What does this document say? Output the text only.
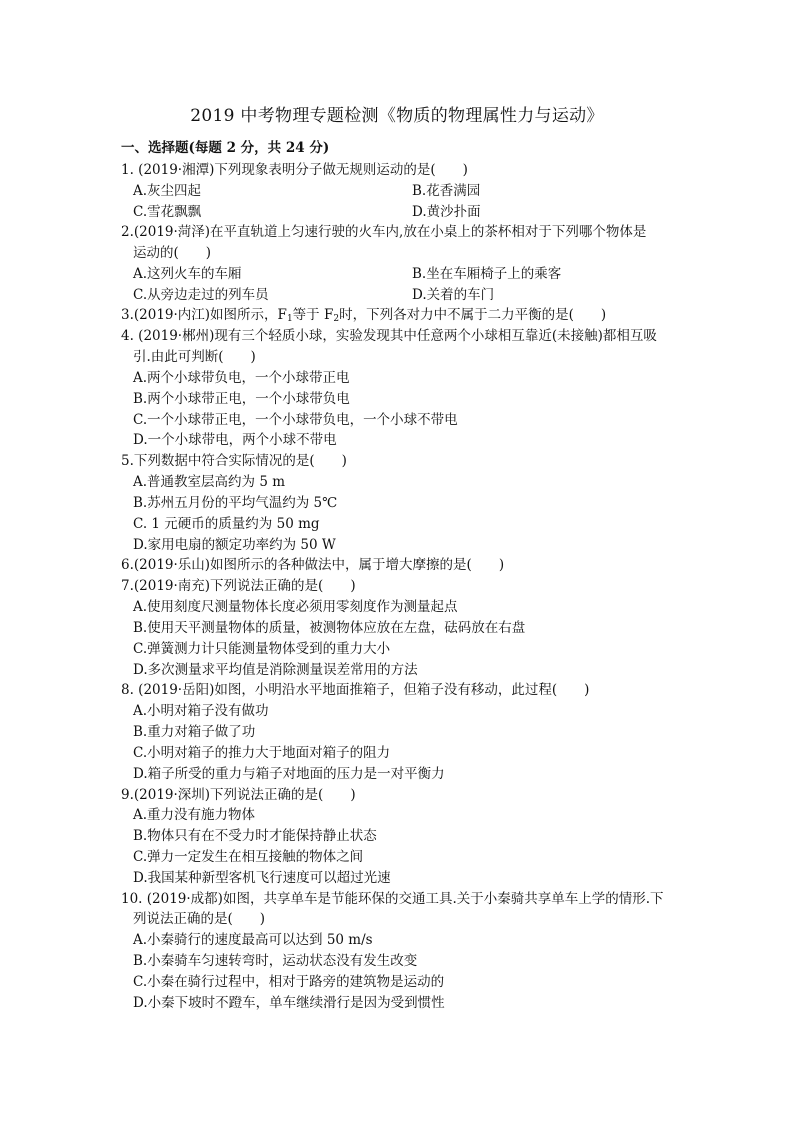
2019 中考物理专题检测《物质的物理属性力与运动》
一、选择题(每题 2 分，共 24 分)
1. (2019·湘潭)下列现象表明分子做无规则运动的是(　　)
A.灰尘四起	B.花香满园
C.雪花飘飘	D.黄沙扑面
2.(2019·菏泽)在平直轨道上匀速行驶的火车内,放在小桌上的茶杯相对于下列哪个物体是
运动的(　　)
A.这列火车的车厢	B.坐在车厢椅子上的乘客
C.从旁边走过的列车员	D.关着的车门
3.(2019·内江)如图所示，$F_1$等于 $F_2$时，下列各对力中不属于二力平衡的是(　　)
4. (2019·郴州)现有三个轻质小球，实验发现其中任意两个小球相互靠近(未接触)都相互吸
引.由此可判断(　　)
A.两个小球带负电，一个小球带正电
B.两个小球带正电，一个小球带负电
C.一个小球带正电，一个小球带负电，一个小球不带电
D.一个小球带电，两个小球不带电
5.下列数据中符合实际情况的是(　　)
A.普通教室层高约为 5 m
B.苏州五月份的平均气温约为 5℃
C. 1 元硬币的质量约为 50 mg
D.家用电扇的额定功率约为 50 W
6.(2019·乐山)如图所示的各种做法中，属于增大摩擦的是(　　)
7.(2019·南充)下列说法正确的是(　　)
A.使用刻度尺测量物体长度必须用零刻度作为测量起点
B.使用天平测量物体的质量，被测物体应放在左盘，砝码放在右盘
C.弹簧测力计只能测量物体受到的重力大小
D.多次测量求平均值是消除测量误差常用的方法
8. (2019·岳阳)如图，小明沿水平地面推箱子，但箱子没有移动，此过程(　　)
A.小明对箱子没有做功
B.重力对箱子做了功
C.小明对箱子的推力大于地面对箱子的阻力
D.箱子所受的重力与箱子对地面的压力是一对平衡力
9.(2019·深圳)下列说法正确的是(　　)
A.重力没有施力物体
B.物体只有在不受力时才能保持静止状态
C.弹力一定发生在相互接触的物体之间
D.我国某种新型客机飞行速度可以超过光速
10. (2019·成都)如图，共享单车是节能环保的交通工具.关于小秦骑共享单车上学的情形.下
列说法正确的是(　　)
A.小秦骑行的速度最高可以达到 50 m/s
B.小秦骑车匀速转弯时，运动状态没有发生改变
C.小秦在骑行过程中，相对于路旁的建筑物是运动的
D.小秦下坡时不蹬车，单车继续滑行是因为受到惯性
